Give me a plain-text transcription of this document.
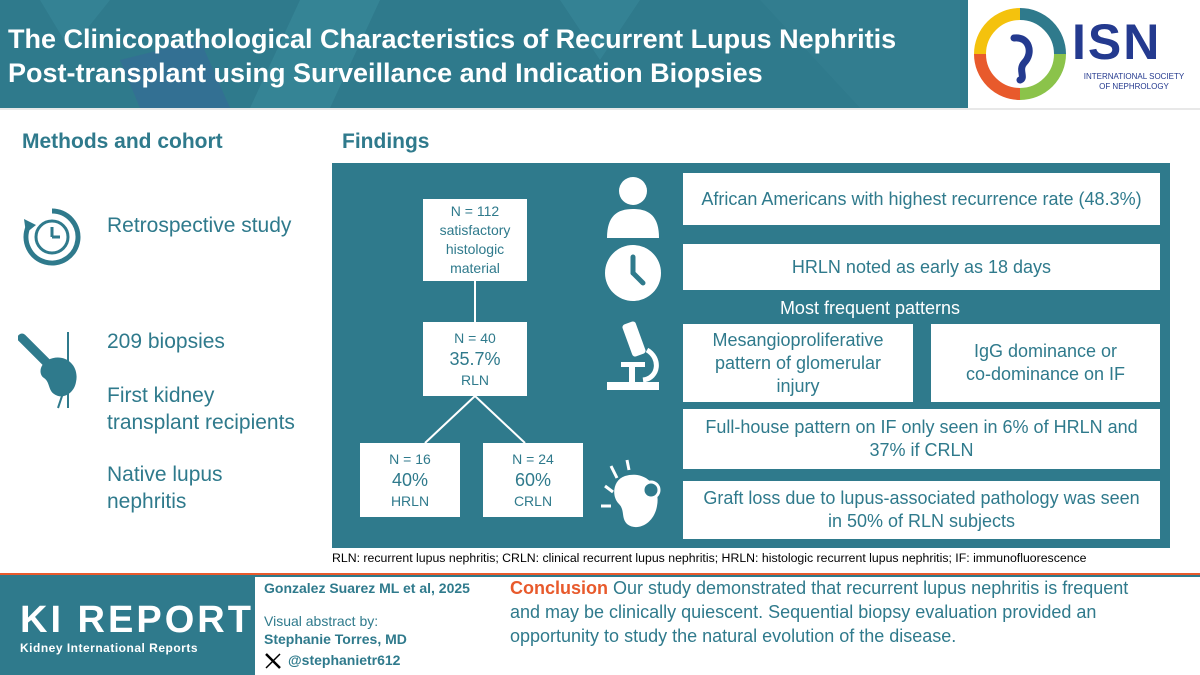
The Clinicopathological Characteristics of Recurrent Lupus Nephritis
Post-transplant using Surveillance and Indication Biopsies
ISN
INTERNATIONAL SOCIETY
OF NEPHROLOGY
Methods and cohort
Retrospective study
209 biopsies
First kidney
transplant recipients
Native lupus
nephritis
Findings
N = 112
satisfactory
histologic
material
N = 40
35.7%
RLN
N = 16
40%
HRLN
N = 24
60%
CRLN
African Americans with highest recurrence rate (48.3%)
HRLN noted as early as 18 days
Most frequent patterns
Mesangioproliferative
pattern of glomerular
injury
IgG dominance or
co-dominance on IF
Full-house pattern on IF only seen in 6% of HRLN and
37% if CRLN
Graft loss due to lupus-associated pathology was seen
in 50% of RLN subjects
RLN: recurrent lupus nephritis; CRLN: clinical recurrent lupus nephritis; HRLN: histologic recurrent lupus nephritis; IF: immunofluorescence
KI REPORTS
Kidney International Reports
Gonzalez Suarez ML et al, 2025
Visual abstract by:
Stephanie Torres, MD
@stephanietr612
Conclusion Our study demonstrated that recurrent lupus nephritis is frequent and may be clinically quiescent. Sequential biopsy evaluation provided an opportunity to study the natural evolution of the disease.
